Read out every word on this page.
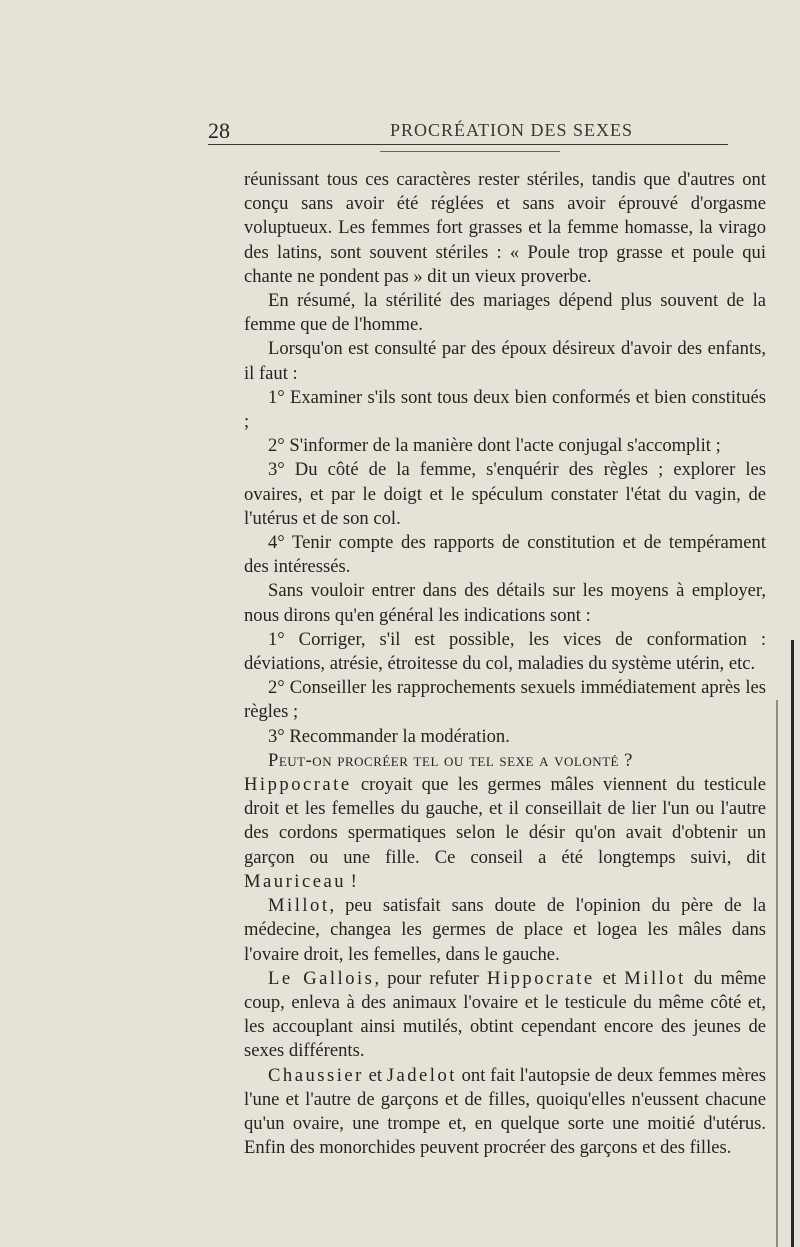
28	PROCRÉATION DES SEXES

réunissant tous ces caractères rester stériles, tandis que d'autres ont conçu sans avoir été réglées et sans avoir éprouvé d'orgasme voluptueux. Les femmes fort grasses et la femme homasse, la virago des latins, sont souvent stériles : « Poule trop grasse et poule qui chante ne pondent pas » dit un vieux proverbe.

En résumé, la stérilité des mariages dépend plus souvent de la femme que de l'homme.

Lorsqu'on est consulté par des époux désireux d'avoir des enfants, il faut :

1° Examiner s'ils sont tous deux bien conformés et bien constitués ;

2° S'informer de la manière dont l'acte conjugal s'accomplit ;

3° Du côté de la femme, s'enquérir des règles ; explorer les ovaires, et par le doigt et le spéculum constater l'état du vagin, de l'utérus et de son col.

4° Tenir compte des rapports de constitution et de tempérament des intéressés.

Sans vouloir entrer dans des détails sur les moyens à employer, nous dirons qu'en général les indications sont :

1° Corriger, s'il est possible, les vices de conformation : déviations, atrésie, étroitesse du col, maladies du système utérin, etc.

2° Conseiller les rapprochements sexuels immédiatement après les règles ;

3° Recommander la modération.

Peut-on procréer tel ou tel sexe a volonté ?

Hippocrate croyait que les germes mâles viennent du testicule droit et les femelles du gauche, et il conseillait de lier l'un ou l'autre des cordons spermatiques selon le désir qu'on avait d'obtenir un garçon ou une fille. Ce conseil a été longtemps suivi, dit Mauriceau !

Millot, peu satisfait sans doute de l'opinion du père de la médecine, changea les germes de place et logea les mâles dans l'ovaire droit, les femelles, dans le gauche.

Le Gallois, pour refuter Hippocrate et Millot du même coup, enleva à des animaux l'ovaire et le testicule du même côté et, les accouplant ainsi mutilés, obtint cependant encore des jeunes de sexes différents.

Chaussier et Jadelot ont fait l'autopsie de deux femmes mères l'une et l'autre de garçons et de filles, quoiqu'elles n'eussent chacune qu'un ovaire, une trompe et, en quelque sorte une moitié d'utérus. Enfin des monorchides peuvent procréer des garçons et des filles.
